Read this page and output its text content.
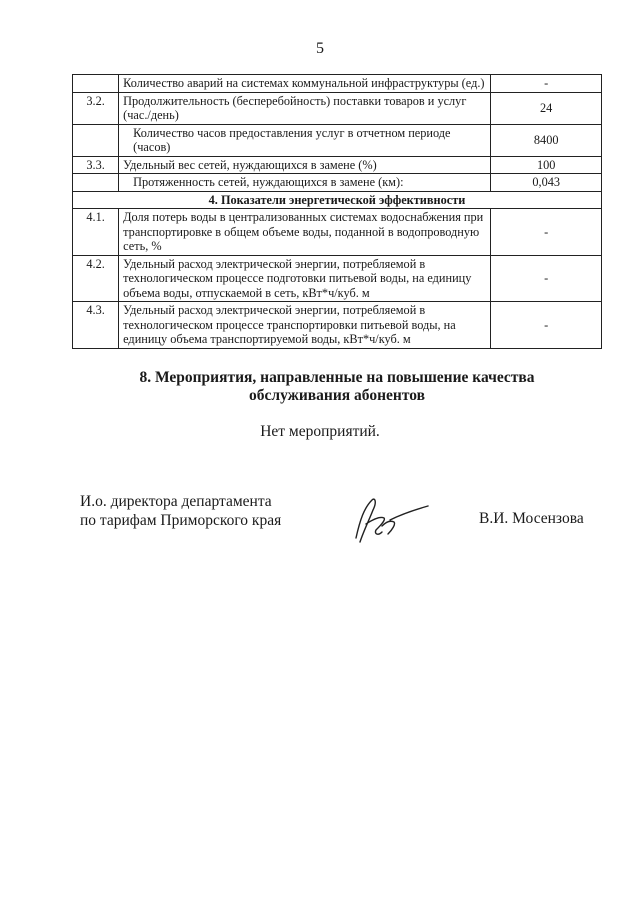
5
	Количество аварий на системах коммунальной инфраструктуры (ед.)	-
3.2.	Продолжительность (бесперебойность) поставки товаров и услуг (час./день)	24
	Количество часов предоставления услуг в отчетном периоде (часов)	8400
3.3.	Удельный вес сетей, нуждающихся в замене (%)	100
	Протяженность сетей, нуждающихся в замене (км):	0,043
4. Показатели энергетической эффективности		
4.1.	Доля потерь воды в централизованных системах водоснабжения при транспортировке в общем объеме воды, поданной в водопроводную сеть, %	-
4.2.	Удельный расход электрической энергии, потребляемой в технологическом процессе подготовки питьевой воды, на единицу объема воды, отпускаемой в сеть, кВт*ч/куб. м	-
4.3.	Удельный расход электрической энергии, потребляемой в технологическом процессе транспортировки питьевой воды, на единицу объема транспортируемой воды, кВт*ч/куб. м	-
8. Мероприятия, направленные на повышение качества
обслуживания абонентов
Нет мероприятий.
И.о. директора департамента
по тарифам Приморского края	В.И. Мосензова
